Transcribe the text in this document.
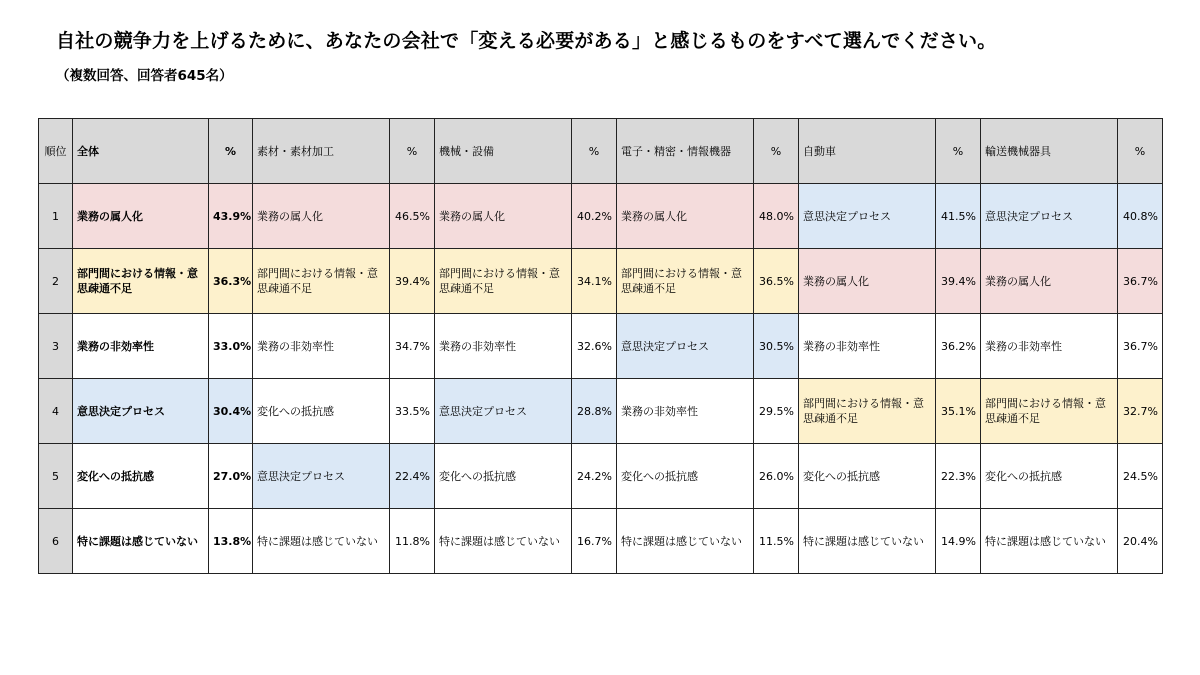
自社の競争力を上げるために、あなたの会社で「変える必要がある」と感じるものをすべて選んでください。
（複数回答、回答者645名）
順位	全体	%	素材・素材加工	%	機械・設備	%	電子・精密・情報機器	%	自動車	%	輸送機械器具	%
1	業務の属人化	43.9%	業務の属人化	46.5%	業務の属人化	40.2%	業務の属人化	48.0%	意思決定プロセス	41.5%	意思決定プロセス	40.8%
2	部門間における情報・意思疎通不足	36.3%	部門間における情報・意思疎通不足	39.4%	部門間における情報・意思疎通不足	34.1%	部門間における情報・意思疎通不足	36.5%	業務の属人化	39.4%	業務の属人化	36.7%
3	業務の非効率性	33.0%	業務の非効率性	34.7%	業務の非効率性	32.6%	意思決定プロセス	30.5%	業務の非効率性	36.2%	業務の非効率性	36.7%
4	意思決定プロセス	30.4%	変化への抵抗感	33.5%	意思決定プロセス	28.8%	業務の非効率性	29.5%	部門間における情報・意思疎通不足	35.1%	部門間における情報・意思疎通不足	32.7%
5	変化への抵抗感	27.0%	意思決定プロセス	22.4%	変化への抵抗感	24.2%	変化への抵抗感	26.0%	変化への抵抗感	22.3%	変化への抵抗感	24.5%
6	特に課題は感じていない	13.8%	特に課題は感じていない	11.8%	特に課題は感じていない	16.7%	特に課題は感じていない	11.5%	特に課題は感じていない	14.9%	特に課題は感じていない	20.4%
